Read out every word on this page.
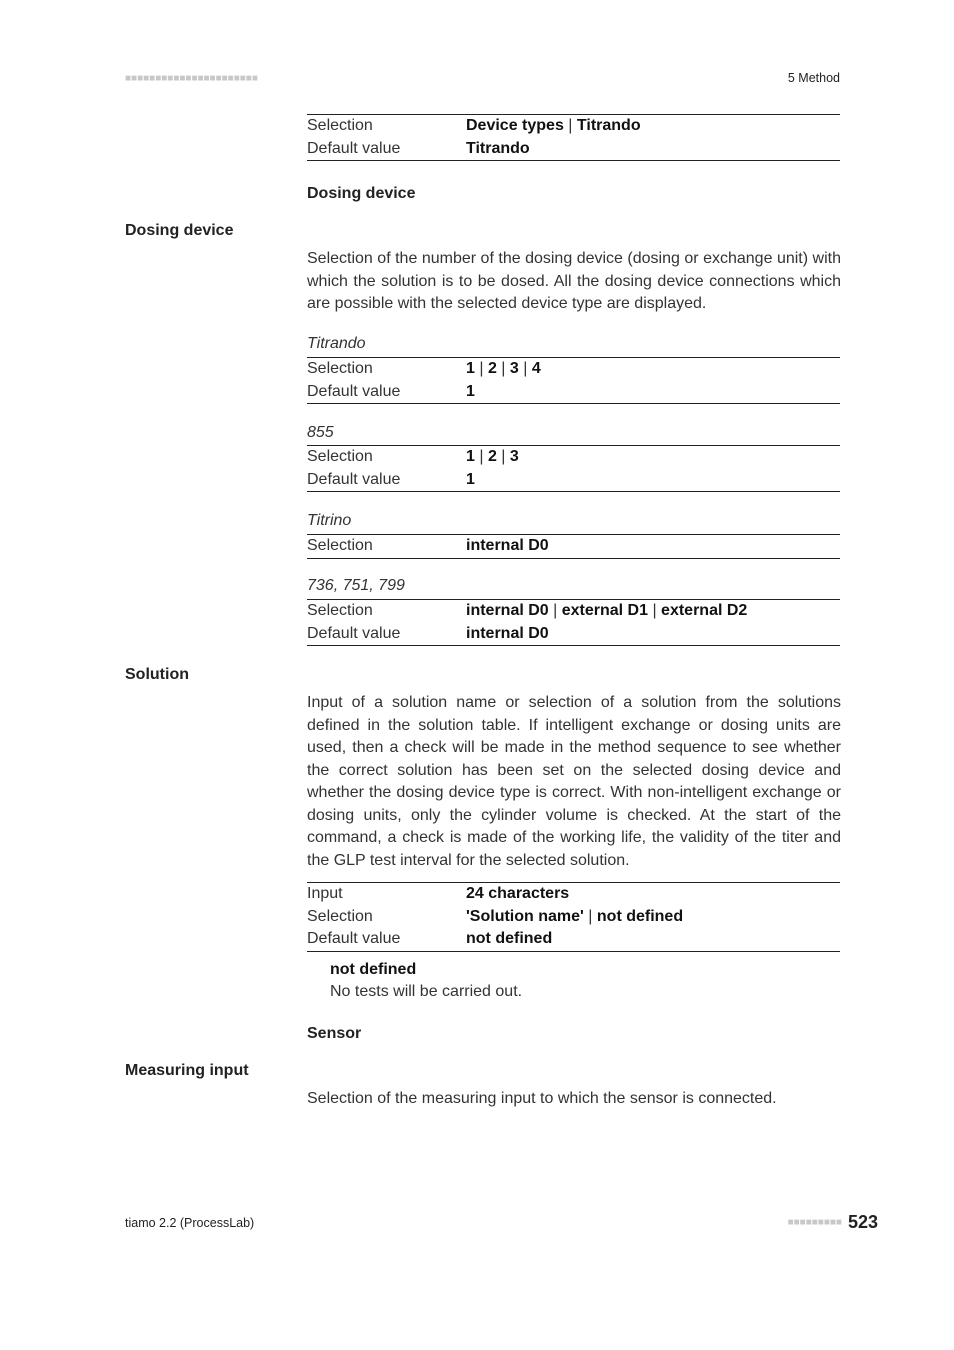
■■■■■■■■■■■■■■■■■■■■■■	5 Method
Selection	Device types | Titrando
Default value	Titrando
Dosing device
Dosing device
Selection of the number of the dosing device (dosing or exchange unit) with which the solution is to be dosed. All the dosing device connections which are possible with the selected device type are displayed.
Titrando
Selection	1 | 2 | 3 | 4
Default value	1
855
Selection	1 | 2 | 3
Default value	1
Titrino
Selection	internal D0
736, 751, 799
Selection	internal D0 | external D1 | external D2
Default value	internal D0
Solution
Input of a solution name or selection of a solution from the solutions defined in the solution table. If intelligent exchange or dosing units are used, then a check will be made in the method sequence to see whether the correct solution has been set on the selected dosing device and whether the dosing device type is correct. With non-intelligent exchange or dosing units, only the cylinder volume is checked. At the start of the command, a check is made of the working life, the validity of the titer and the GLP test interval for the selected solution.
Input	24 characters
Selection	'Solution name' | not defined
Default value	not defined
not defined
No tests will be carried out.
Sensor
Measuring input
Selection of the measuring input to which the sensor is connected.
tiamo 2.2 (ProcessLab)	■■■■■■■■■ 523
